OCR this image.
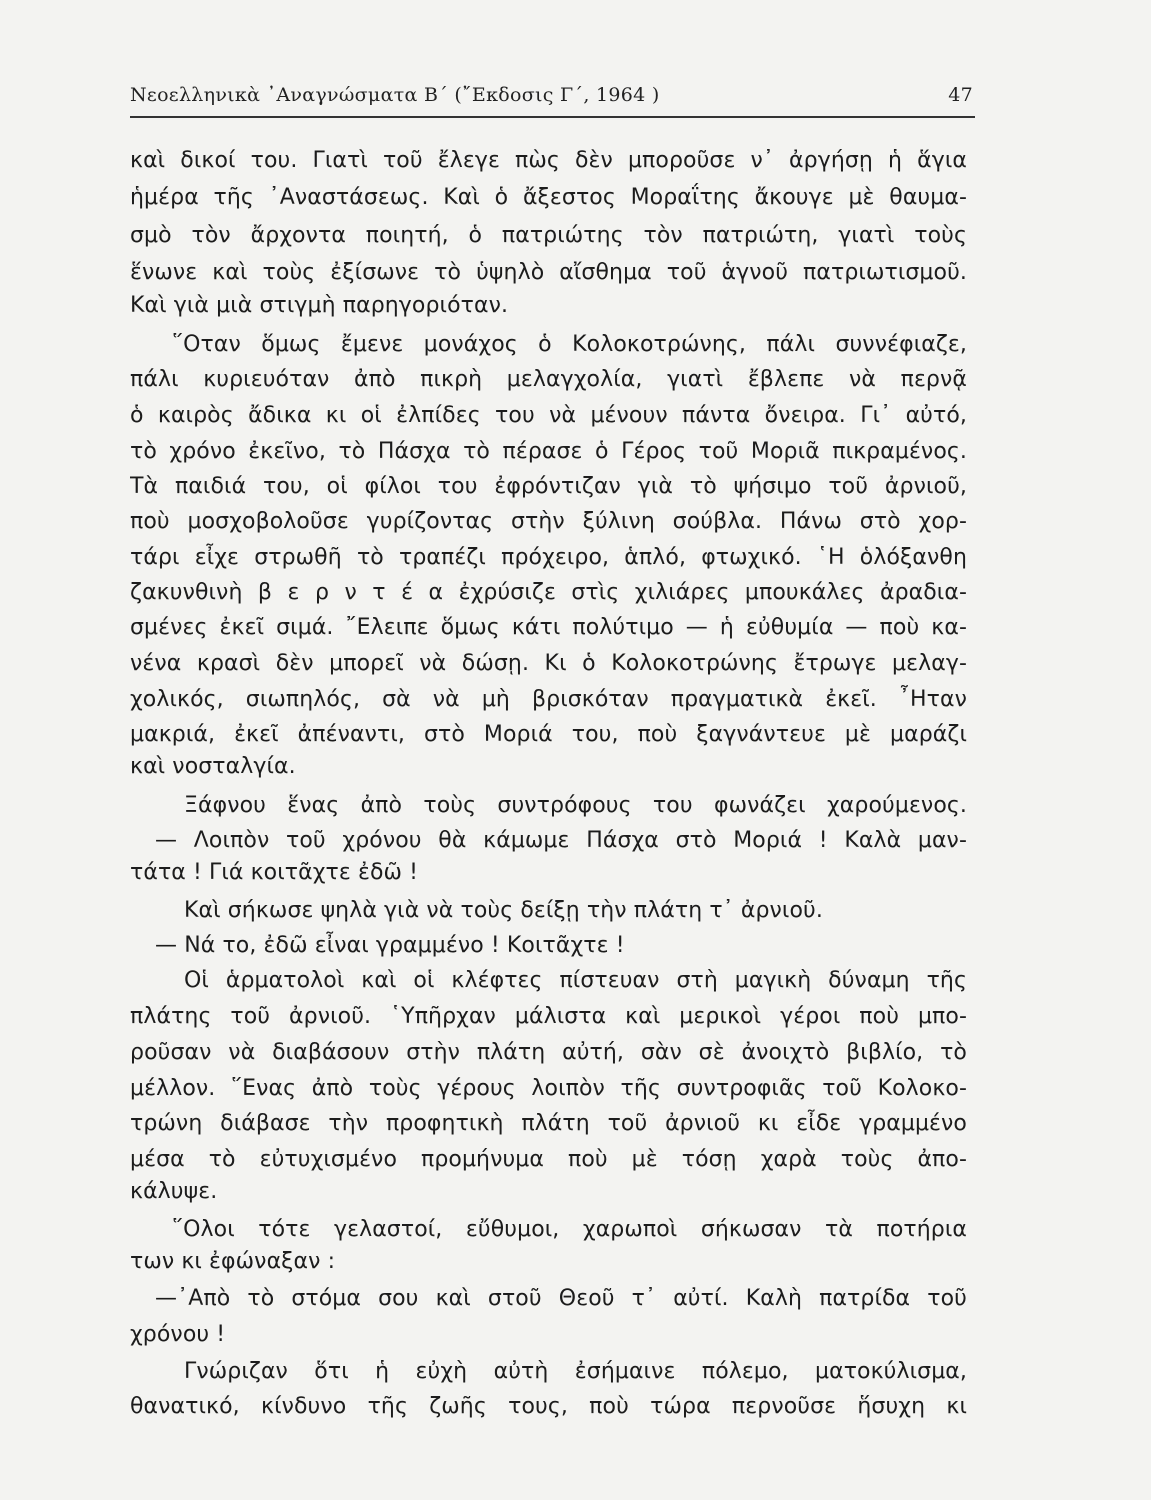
Νεοελληνικὰ ᾿Αναγνώσματα Β΄ (῎Εκδοσις Γ΄, 1964 )	47
καὶ δικοί του. Γιατὶ τοῦ ἔλεγε πὼς δὲν μποροῦσε ν᾿ ἀργήσῃ ἡ ἅγια
ἡμέρα τῆς ᾿Αναστάσεως. Καὶ ὁ ἄξεστος Μοραΐτης ἄκουγε μὲ θαυμα-
σμὸ τὸν ἄρχοντα ποιητή, ὁ πατριώτης τὸν πατριώτη, γιατὶ τοὺς
ἕνωνε καὶ τοὺς ἐξίσωνε τὸ ὑψηλὸ αἴσθημα τοῦ ἁγνοῦ πατριωτισμοῦ.
Καὶ γιὰ μιὰ στιγμὴ παρηγοριόταν.
῞Οταν ὅμως ἔμενε μονάχος ὁ Κολοκοτρώνης, πάλι συννέφιαζε,
πάλι κυριευόταν ἀπὸ πικρὴ μελαγχολία, γιατὶ ἔβλεπε νὰ περνᾷ
ὁ καιρὸς ἄδικα κι οἱ ἐλπίδες του νὰ μένουν πάντα ὄνειρα. Γι᾿ αὐτό,
τὸ χρόνο ἐκεῖνο, τὸ Πάσχα τὸ πέρασε ὁ Γέρος τοῦ Μοριᾶ πικραμένος.
Τὰ παιδιά του, οἱ φίλοι του ἐφρόντιζαν γιὰ τὸ ψήσιμο τοῦ ἀρνιοῦ,
ποὺ μοσχοβολοῦσε γυρίζοντας στὴν ξύλινη σούβλα. Πάνω στὸ χορ-
τάρι εἶχε στρωθῆ τὸ τραπέζι πρόχειρο, ἁπλό, φτωχικό. ῾Η ὁλόξανθη
ζακυνθινὴ β ε ρ ν τ έ α ἐχρύσιζε στὶς χιλιάρες μπουκάλες ἀραδια-
σμένες ἐκεῖ σιμά. ῎Ελειπε ὅμως κάτι πολύτιμο — ἡ εὐθυμία — ποὺ κα-
νένα κρασὶ δὲν μπορεῖ νὰ δώσῃ. Κι ὁ Κολοκοτρώνης ἔτρωγε μελαγ-
χολικός, σιωπηλός, σὰ νὰ μὴ βρισκόταν πραγματικὰ ἐκεῖ. ῏Ηταν
μακριά, ἐκεῖ ἀπέναντι, στὸ Μοριά του, ποὺ ξαγνάντευε μὲ μαράζι
καὶ νοσταλγία.
Ξάφνου ἕνας ἀπὸ τοὺς συντρόφους του φωνάζει χαρούμενος.
— Λοιπὸν τοῦ χρόνου θὰ κάμωμε Πάσχα στὸ Μοριά ! Καλὰ μαν-
τάτα ! Γιά κοιτᾶχτε ἐδῶ !
Καὶ σήκωσε ψηλὰ γιὰ νὰ τοὺς δείξῃ τὴν πλάτη τ᾿ ἀρνιοῦ.
— Νά το, ἐδῶ εἶναι γραμμένο ! Κοιτᾶχτε !
Οἱ ἁρματολοὶ καὶ οἱ κλέφτες πίστευαν στὴ μαγικὴ δύναμη τῆς
πλάτης τοῦ ἀρνιοῦ. ῾Υπῆρχαν μάλιστα καὶ μερικοὶ γέροι ποὺ μπο-
ροῦσαν νὰ διαβάσουν στὴν πλάτη αὐτή, σὰν σὲ ἀνοιχτὸ βιβλίο, τὸ
μέλλον. ῞Ενας ἀπὸ τοὺς γέρους λοιπὸν τῆς συντροφιᾶς τοῦ Κολοκο-
τρώνη διάβασε τὴν προφητικὴ πλάτη τοῦ ἀρνιοῦ κι εἶδε γραμμένο
μέσα τὸ εὐτυχισμένο προμήνυμα ποὺ μὲ τόσῃ χαρὰ τοὺς ἀπο-
κάλυψε.
῞Ολοι τότε γελαστοί, εὔθυμοι, χαρωποὶ σήκωσαν τὰ ποτήρια
των κι ἐφώναξαν :
—᾿Απὸ τὸ στόμα σου καὶ στοῦ Θεοῦ τ᾿ αὐτί. Καλὴ πατρίδα τοῦ
χρόνου !
Γνώριζαν ὅτι ἡ εὐχὴ αὐτὴ ἐσήμαινε πόλεμο, ματοκύλισμα,
θανατικό, κίνδυνο τῆς ζωῆς τους, ποὺ τώρα περνοῦσε ἥσυχη κι
